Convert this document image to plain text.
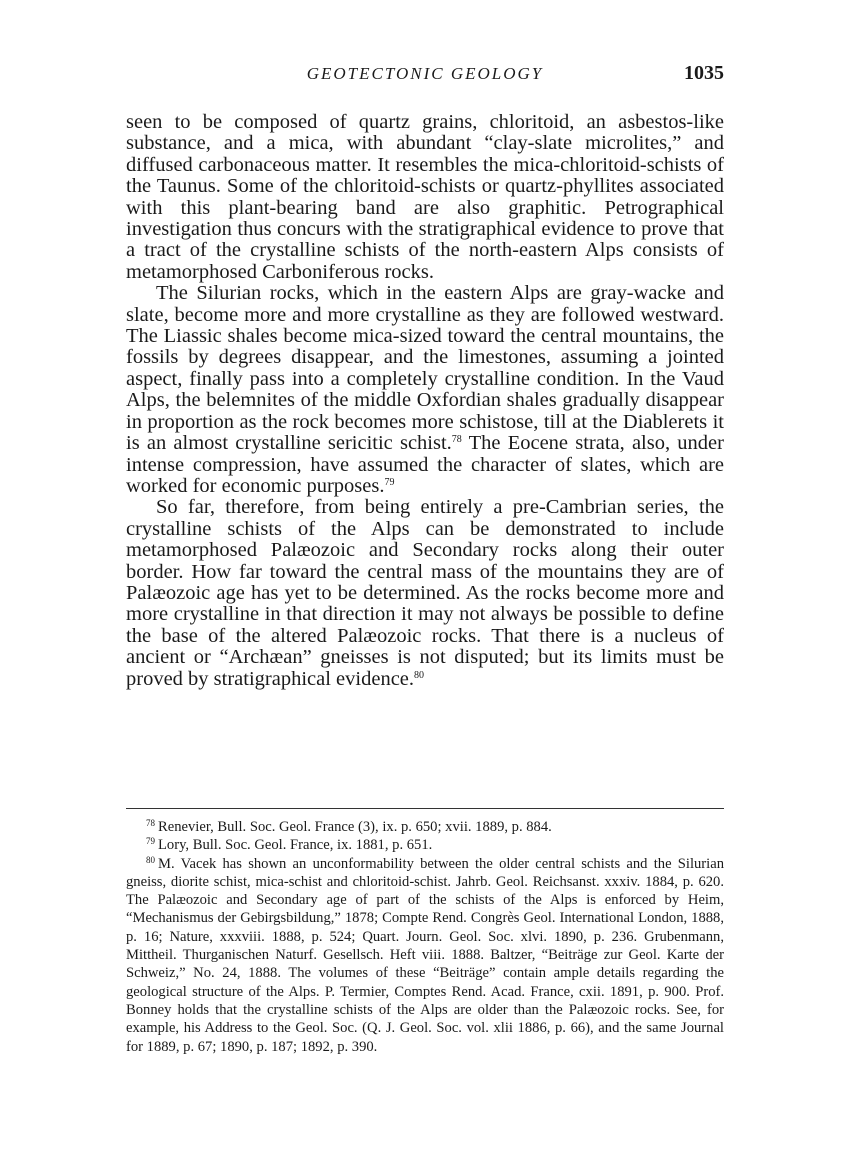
GEOTECTONIC GEOLOGY	1035

seen to be composed of quartz grains, chloritoid, an asbestos-like substance, and a mica, with abundant “clay-slate microlites,” and diffused carbonaceous matter. It resembles the mica-chloritoid-schists of the Taunus. Some of the chloritoid-schists or quartz-phyllites associated with this plant-bearing band are also graphitic. Petrographical investigation thus concurs with the stratigraphical evidence to prove that a tract of the crystalline schists of the north-eastern Alps consists of metamorphosed Carboniferous rocks.

The Silurian rocks, which in the eastern Alps are gray-wacke and slate, become more and more crystalline as they are followed westward. The Liassic shales become mica-sized toward the central mountains, the fossils by degrees disappear, and the limestones, assuming a jointed aspect, finally pass into a completely crystalline condition. In the Vaud Alps, the belemnites of the middle Oxfordian shales gradually disappear in proportion as the rock becomes more schistose, till at the Diablerets it is an almost crystalline sericitic schist.$^{78}$ The Eocene strata, also, under intense compression, have assumed the character of slates, which are worked for economic purposes.$^{79}$

So far, therefore, from being entirely a pre-Cambrian series, the crystalline schists of the Alps can be demonstrated to include metamorphosed Palæozoic and Secondary rocks along their outer border. How far toward the central mass of the mountains they are of Palæozoic age has yet to be determined. As the rocks become more and more crystalline in that direction it may not always be possible to define the base of the altered Palæozoic rocks. That there is a nucleus of ancient or “Archæan” gneisses is not disputed; but its limits must be proved by stratigraphical evidence.$^{80}$

$^{78}$ Renevier, Bull. Soc. Geol. France (3), ix. p. 650; xvii. 1889, p. 884.

$^{79}$ Lory, Bull. Soc. Geol. France, ix. 1881, p. 651.

$^{80}$ M. Vacek has shown an unconformability between the older central schists and the Silurian gneiss, diorite schist, mica-schist and chloritoid-schist. Jahrb. Geol. Reichsanst. xxxiv. 1884, p. 620. The Palæozoic and Secondary age of part of the schists of the Alps is enforced by Heim, “Mechanismus der Gebirgsbildung,” 1878; Compte Rend. Congrès Geol. International London, 1888, p. 16; Nature, xxxviii. 1888, p. 524; Quart. Journ. Geol. Soc. xlvi. 1890, p. 236. Grubenmann, Mittheil. Thurganischen Naturf. Gesellsch. Heft viii. 1888. Baltzer, “Beiträge zur Geol. Karte der Schweiz,” No. 24, 1888. The volumes of these “Beiträge” contain ample details regarding the geological structure of the Alps. P. Termier, Comptes Rend. Acad. France, cxii. 1891, p. 900. Prof. Bonney holds that the crystalline schists of the Alps are older than the Palæozoic rocks. See, for example, his Address to the Geol. Soc. (Q. J. Geol. Soc. vol. xlii 1886, p. 66), and the same Journal for 1889, p. 67; 1890, p. 187; 1892, p. 390.
